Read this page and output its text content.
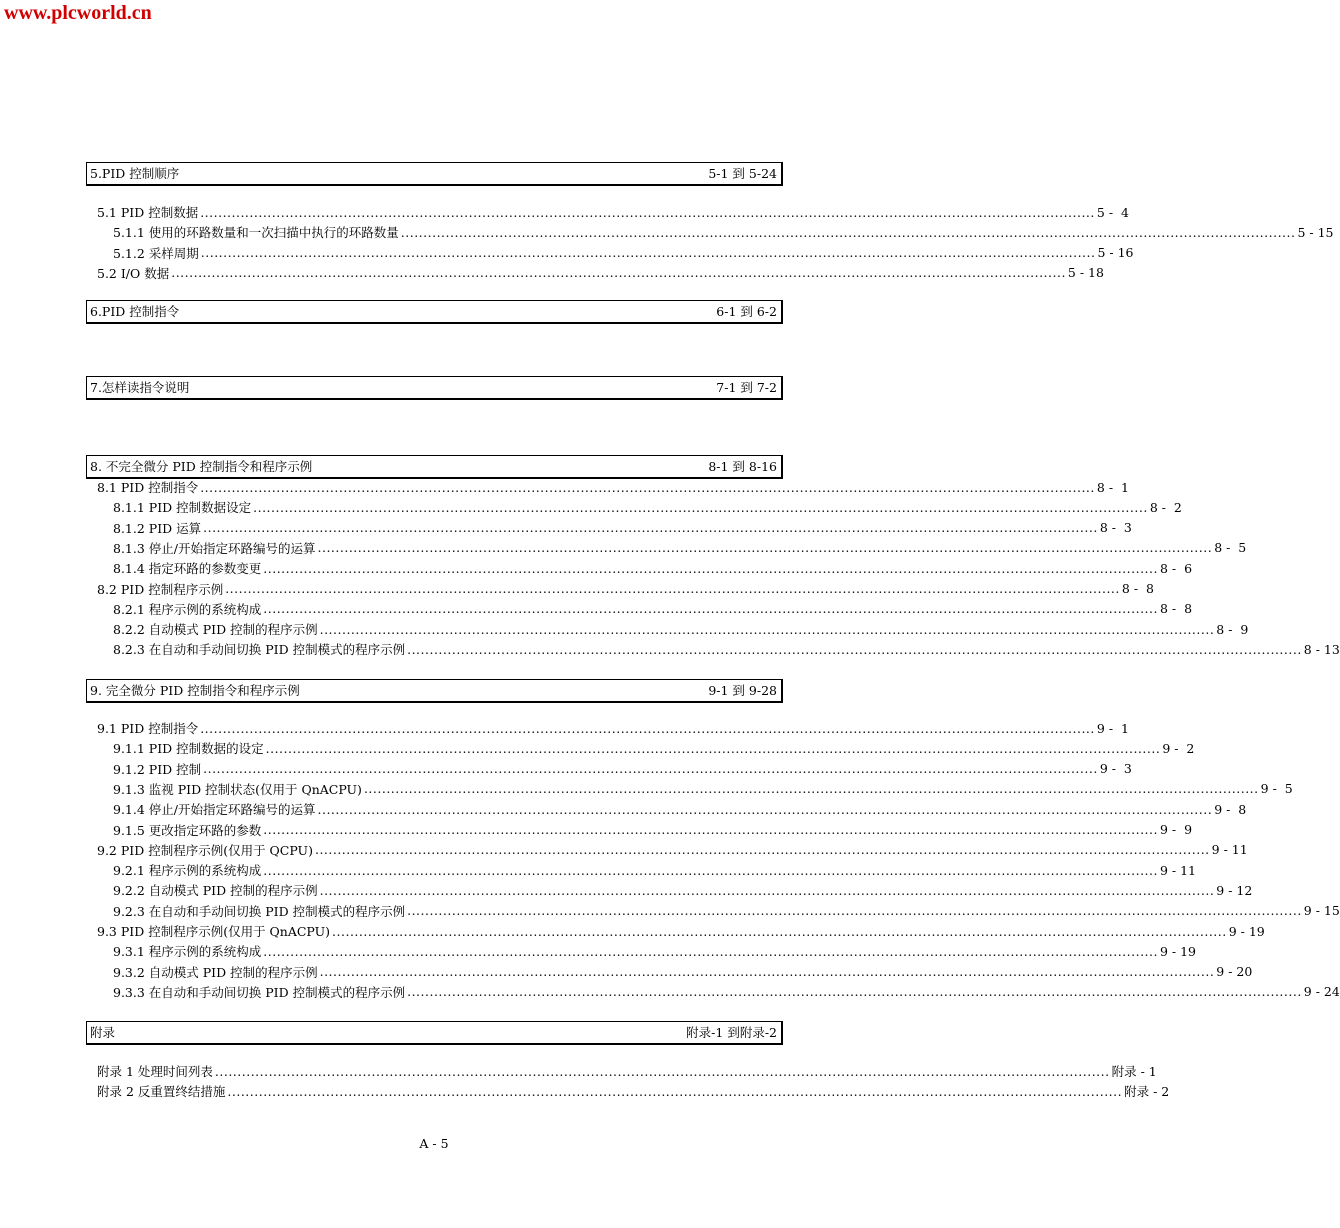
www.plcworld.cn
5.PID 控制顺序	5-1 到 5-24
5.1 PID 控制数据 ........................................................................................................................................................................................................ 5 -  4
5.1.1 使用的环路数量和一次扫描中执行的环路数量 ........................................................................................................................................................................................................ 5 - 15
5.1.2 采样周期 ........................................................................................................................................................................................................ 5 - 16
5.2 I/O 数据 ........................................................................................................................................................................................................ 5 - 18
6.PID 控制指令	6-1 到 6-2
7.怎样读指令说明	7-1 到 7-2
8. 不完全微分 PID 控制指令和程序示例	8-1 到 8-16
8.1 PID 控制指令 ........................................................................................................................................................................................................ 8 -  1
8.1.1 PID 控制数据设定 ........................................................................................................................................................................................................ 8 -  2
8.1.2 PID 运算 ........................................................................................................................................................................................................ 8 -  3
8.1.3 停止/开始指定环路编号的运算 ........................................................................................................................................................................................................ 8 -  5
8.1.4 指定环路的参数变更 ........................................................................................................................................................................................................ 8 -  6
8.2 PID 控制程序示例 ........................................................................................................................................................................................................ 8 -  8
8.2.1 程序示例的系统构成 ........................................................................................................................................................................................................ 8 -  8
8.2.2 自动模式 PID 控制的程序示例 ........................................................................................................................................................................................................ 8 -  9
8.2.3 在自动和手动间切换 PID 控制模式的程序示例 ........................................................................................................................................................................................................ 8 - 13
9. 完全微分 PID 控制指令和程序示例	9-1 到 9-28
9.1 PID 控制指令 ........................................................................................................................................................................................................ 9 -  1
9.1.1 PID 控制数据的设定 ........................................................................................................................................................................................................ 9 -  2
9.1.2 PID 控制 ........................................................................................................................................................................................................ 9 -  3
9.1.3 监视 PID 控制状态(仅用于 QnACPU) ........................................................................................................................................................................................................ 9 -  5
9.1.4 停止/开始指定环路编号的运算 ........................................................................................................................................................................................................ 9 -  8
9.1.5 更改指定环路的参数 ........................................................................................................................................................................................................ 9 -  9
9.2 PID 控制程序示例(仅用于 QCPU) ........................................................................................................................................................................................................ 9 - 11
9.2.1 程序示例的系统构成 ........................................................................................................................................................................................................ 9 - 11
9.2.2 自动模式 PID 控制的程序示例 ........................................................................................................................................................................................................ 9 - 12
9.2.3 在自动和手动间切换 PID 控制模式的程序示例 ........................................................................................................................................................................................................ 9 - 15
9.3 PID 控制程序示例(仅用于 QnACPU) ........................................................................................................................................................................................................ 9 - 19
9.3.1 程序示例的系统构成 ........................................................................................................................................................................................................ 9 - 19
9.3.2 自动模式 PID 控制的程序示例 ........................................................................................................................................................................................................ 9 - 20
9.3.3 在自动和手动间切换 PID 控制模式的程序示例 ........................................................................................................................................................................................................ 9 - 24
附录	附录-1 到附录-2
附录 1 处理时间列表 ........................................................................................................................................................................................................ 附录 - 1
附录 2 反重置终结措施 ........................................................................................................................................................................................................ 附录 - 2
A - 5
